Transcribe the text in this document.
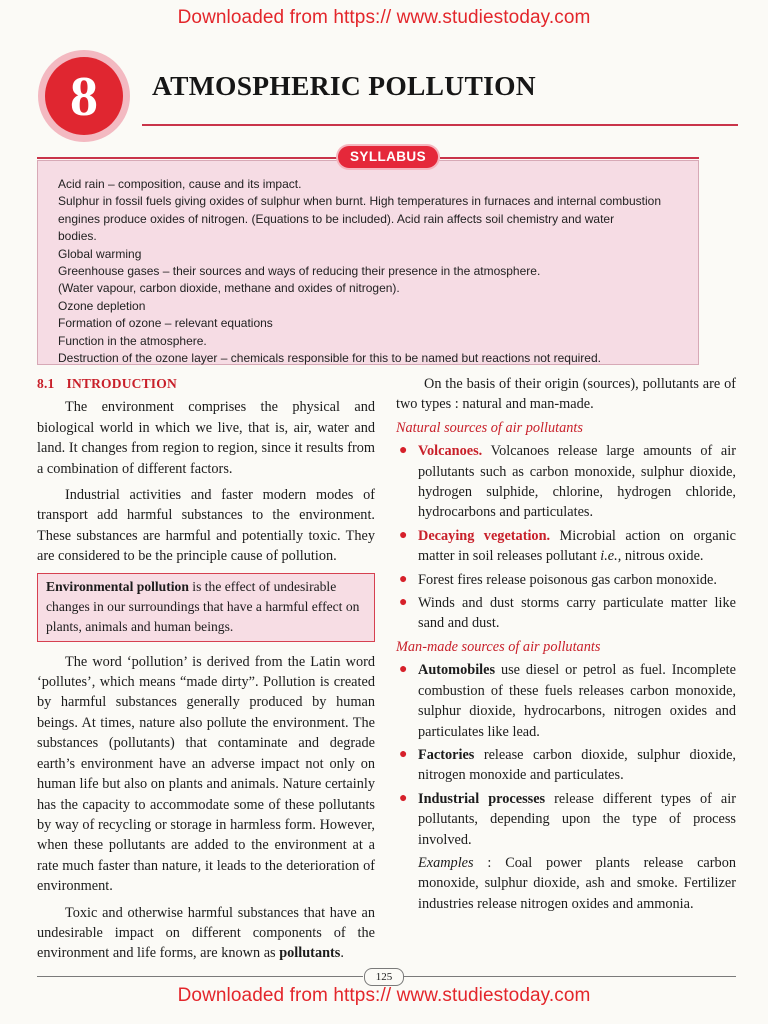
Downloaded from https:// www.studiestoday.com
8 ATMOSPHERIC POLLUTION
SYLLABUS
Acid rain – composition, cause and its impact.
Sulphur in fossil fuels giving oxides of sulphur when burnt. High temperatures in furnaces and internal combustion
engines produce oxides of nitrogen. (Equations to be included). Acid rain affects soil chemistry and water
bodies.
Global warming
Greenhouse gases – their sources and ways of reducing their presence in the atmosphere.
(Water vapour, carbon dioxide, methane and oxides of nitrogen).
Ozone depletion
Formation of ozone – relevant equations
Function in the atmosphere.
Destruction of the ozone layer – chemicals responsible for this to be named but reactions not required.
8.1 INTRODUCTION

The environment comprises the physical and biological world in which we live, that is, air, water and land. It changes from region to region, since it results from a combination of different factors.

Industrial activities and faster modern modes of transport add harmful substances to the environment. These substances are harmful and potentially toxic. They are considered to be the principle cause of pollution.

Environmental pollution is the effect of undesirable changes in our surroundings that have a harmful effect on plants, animals and human beings.

The word ‘pollution’ is derived from the Latin word ‘pollutes’, which means “made dirty”. Pollution is created by harmful substances generally produced by human beings. At times, nature also pollute the environment. The substances (pollutants) that contaminate and degrade earth’s environment have an adverse impact not only on human life but also on plants and animals. Nature certainly has the capacity to accommodate some of these pollutants by way of recycling or storage in harmless form. However, when these pollutants are added to the environment at a rate much faster than nature, it leads to the deterioration of environment.

Toxic and otherwise harmful substances that have an undesirable impact on different components of the environment and life forms, are known as pollutants.

On the basis of their origin (sources), pollutants are of two types : natural and man-made.

Natural sources of air pollutants
● Volcanoes. Volcanoes release large amounts of air pollutants such as carbon monoxide, sulphur dioxide, hydrogen sulphide, chlorine, hydrogen chloride, hydrocarbons and particulates.
● Decaying vegetation. Microbial action on organic matter in soil releases pollutant i.e., nitrous oxide.
● Forest fires release poisonous gas carbon monoxide.
● Winds and dust storms carry particulate matter like sand and dust.
Man-made sources of air pollutants
● Automobiles use diesel or petrol as fuel. Incomplete combustion of these fuels releases carbon monoxide, sulphur dioxide, hydrocarbons, nitrogen oxides and particulates like lead.
● Factories release carbon dioxide, sulphur dioxide, nitrogen monoxide and particulates.
● Industrial processes release different types of air pollutants, depending upon the type of process involved.
Examples : Coal power plants release carbon monoxide, sulphur dioxide, ash and smoke. Fertilizer industries release nitrogen oxides and ammonia.
125
Downloaded from https:// www.studiestoday.com
